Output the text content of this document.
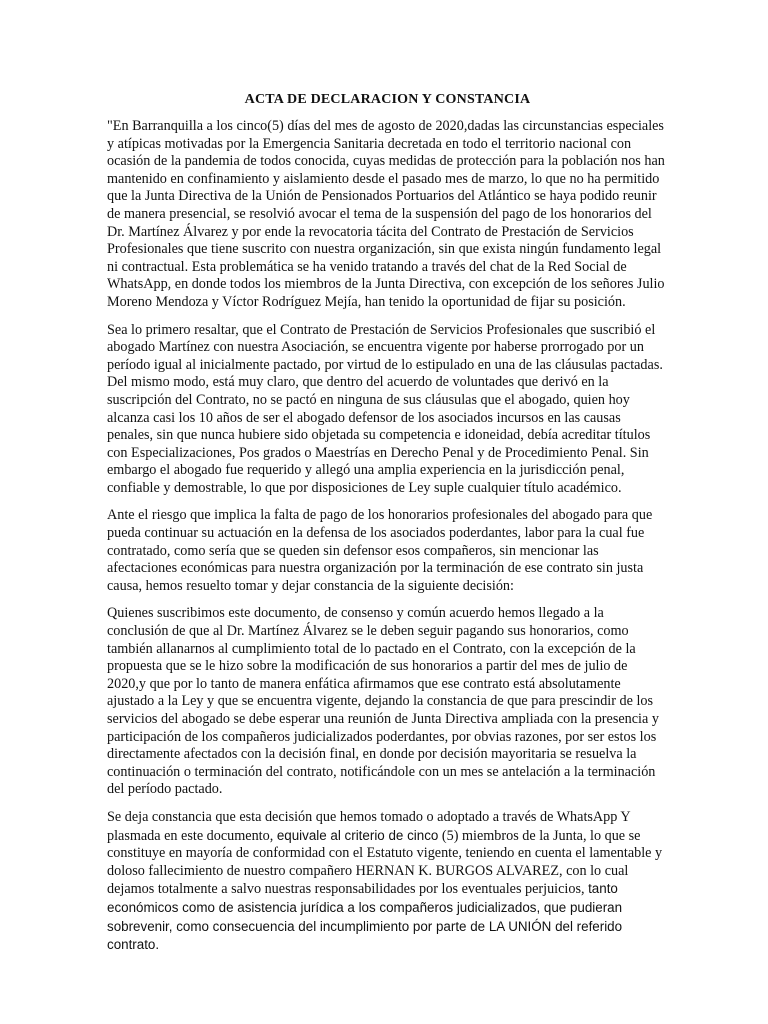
ACTA DE DECLARACION Y CONSTANCIA

"En Barranquilla a los cinco(5) días del mes de agosto de 2020,dadas las circunstancias especiales y atípicas motivadas por la Emergencia Sanitaria decretada en todo el territorio nacional con ocasión de la pandemia de todos conocida, cuyas medidas de protección para la población nos han mantenido en confinamiento y aislamiento desde el pasado mes de marzo, lo que no ha permitido que la Junta Directiva de la Unión de Pensionados Portuarios del Atlántico se haya podido reunir de manera presencial, se resolvió avocar el tema de la suspensión del pago de los honorarios del Dr. Martínez Álvarez y por ende la revocatoria tácita del Contrato de Prestación de Servicios Profesionales que tiene suscrito con nuestra organización, sin que exista ningún fundamento legal ni contractual. Esta problemática se ha venido tratando a través del chat de la Red Social de WhatsApp, en donde todos los miembros de la Junta Directiva, con excepción de los señores Julio Moreno Mendoza y Víctor Rodríguez Mejía, han tenido la oportunidad de fijar su posición.

Sea lo primero resaltar, que el Contrato de Prestación de Servicios Profesionales que suscribió el abogado Martínez con nuestra Asociación, se encuentra vigente por haberse prorrogado por un período igual al inicialmente pactado, por virtud de lo estipulado en una de las cláusulas pactadas. Del mismo modo, está muy claro, que dentro del acuerdo de voluntades que derivó en la suscripción del Contrato, no se pactó en ninguna de sus cláusulas que el abogado, quien hoy alcanza casi los 10 años de ser el abogado defensor de los asociados incursos en las causas penales, sin que nunca hubiere sido objetada su competencia e idoneidad, debía acreditar títulos con Especializaciones, Pos grados o Maestrías en Derecho Penal y de Procedimiento Penal. Sin embargo el abogado fue requerido y allegó una amplia experiencia en la jurisdicción penal, confiable y demostrable, lo que por disposiciones de Ley suple cualquier título académico.

Ante el riesgo que implica la falta de pago de los honorarios profesionales del abogado para que pueda continuar su actuación en la defensa de los asociados poderdantes, labor para la cual fue contratado, como sería que se queden sin defensor esos compañeros, sin mencionar las afectaciones económicas para nuestra organización por la terminación de ese contrato sin justa causa, hemos resuelto tomar y dejar constancia de la siguiente decisión:

Quienes suscribimos este documento, de consenso y común acuerdo hemos llegado a la conclusión de que al Dr. Martínez Álvarez se le deben seguir pagando sus honorarios, como también allanarnos al cumplimiento total de lo pactado en el Contrato, con la excepción de la propuesta que se le hizo sobre la modificación de sus honorarios a partir del mes de julio de 2020,y que por lo tanto de manera enfática afirmamos que ese contrato está absolutamente ajustado a la Ley y que se encuentra vigente, dejando la constancia de que para prescindir de los servicios del abogado se debe esperar una reunión de Junta Directiva ampliada con la presencia y participación de los compañeros judicializados poderdantes, por obvias razones, por ser estos los directamente afectados con la decisión final, en donde por decisión mayoritaria se resuelva la continuación o terminación del contrato, notificándole con un mes se antelación a la terminación del período pactado.

Se deja constancia que esta decisión que hemos tomado o adoptado a través de WhatsApp Y plasmada en este documento, equivale al criterio de cinco (5) miembros de la Junta, lo que se constituye en mayoría de conformidad con el Estatuto vigente, teniendo en cuenta el lamentable y doloso fallecimiento de nuestro compañero HERNAN K. BURGOS ALVAREZ, con lo cual dejamos totalmente a salvo nuestras responsabilidades por los eventuales perjuicios, tanto económicos como de asistencia jurídica a los compañeros judicializados, que pudieran sobrevenir, como consecuencia del incumplimiento por parte de LA UNIÓN del referido contrato.
